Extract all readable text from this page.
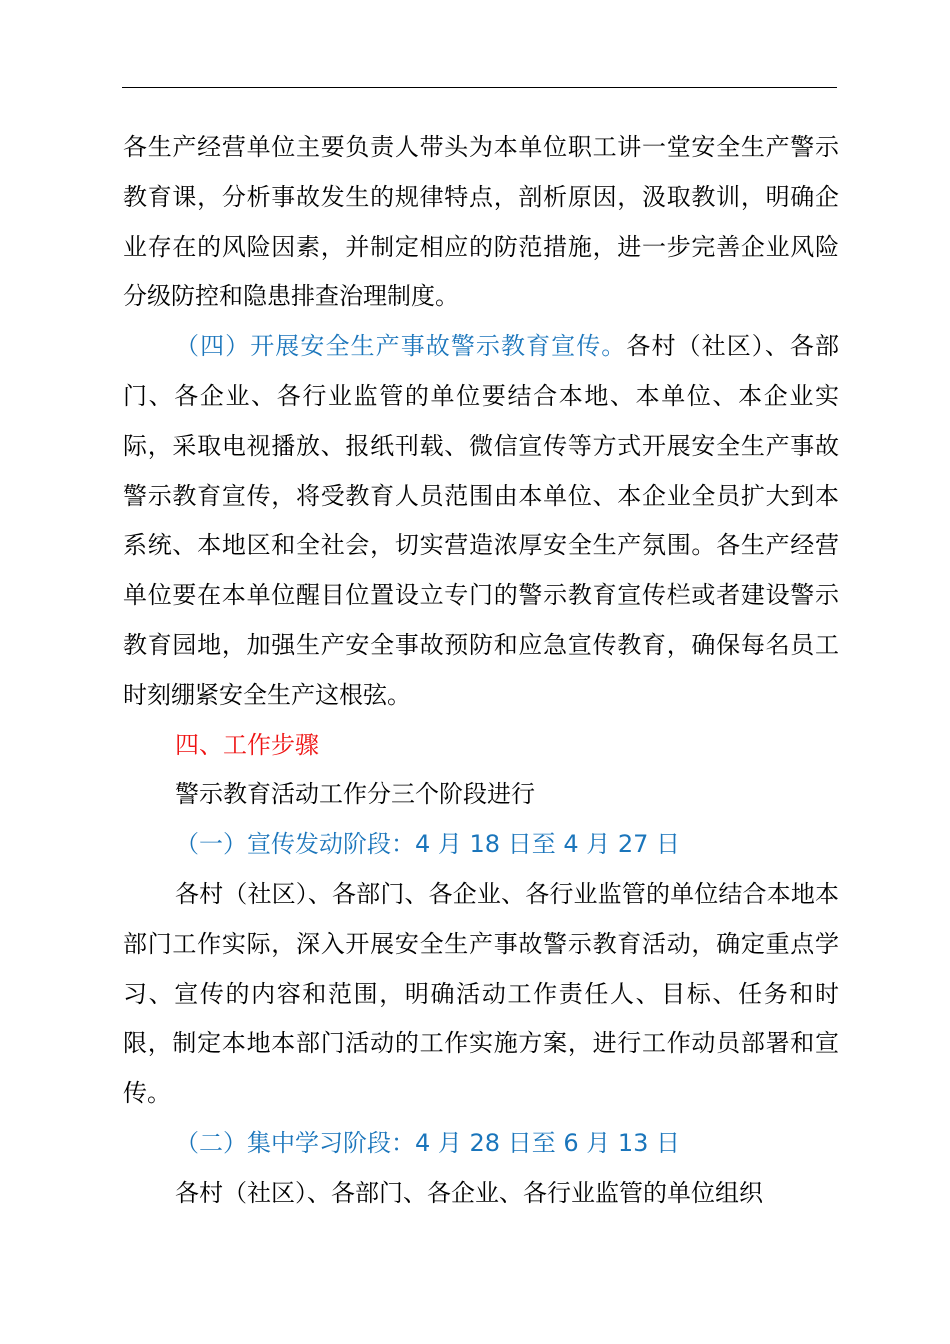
各生产经营单位主要负责人带头为本单位职工讲一堂安全生产警示教育课，分析事故发生的规律特点，剖析原因，汲取教训，明确企业存在的风险因素，并制定相应的防范措施，进一步完善企业风险分级防控和隐患排查治理制度。

（四）开展安全生产事故警示教育宣传。各村（社区）、各部门、各企业、各行业监管的单位要结合本地、本单位、本企业实际，采取电视播放、报纸刊载、微信宣传等方式开展安全生产事故警示教育宣传，将受教育人员范围由本单位、本企业全员扩大到本系统、本地区和全社会，切实营造浓厚安全生产氛围。各生产经营单位要在本单位醒目位置设立专门的警示教育宣传栏或者建设警示教育园地，加强生产安全事故预防和应急宣传教育，确保每名员工时刻绷紧安全生产这根弦。

四、工作步骤

警示教育活动工作分三个阶段进行

（一）宣传发动阶段：4 月 18 日至 4 月 27 日

各村（社区）、各部门、各企业、各行业监管的单位结合本地本部门工作实际，深入开展安全生产事故警示教育活动，确定重点学习、宣传的内容和范围，明确活动工作责任人、目标、任务和时限，制定本地本部门活动的工作实施方案，进行工作动员部署和宣传。

（二）集中学习阶段：4 月 28 日至 6 月 13 日

各村（社区）、各部门、各企业、各行业监管的单位组织
